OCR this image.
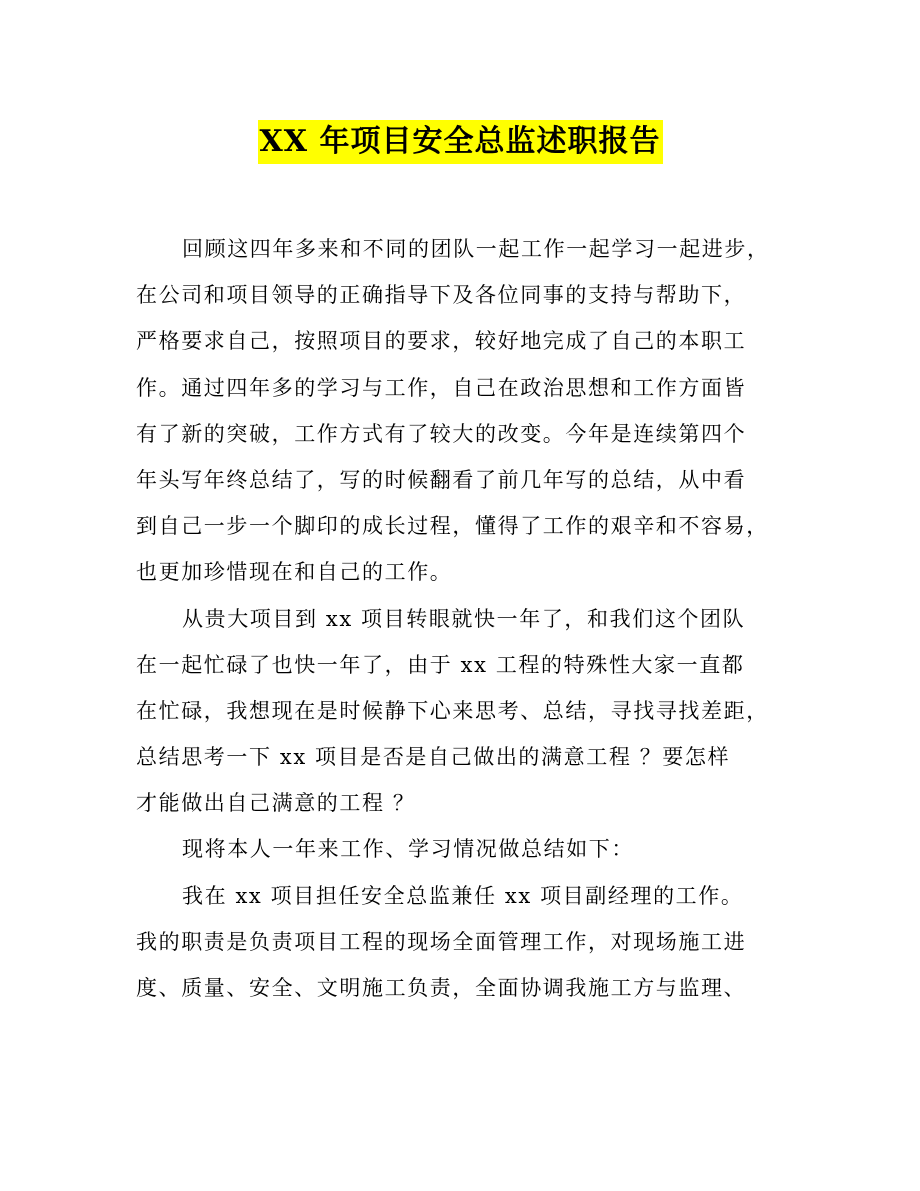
XX 年项目安全总监述职报告
回顾这四年多来和不同的团队一起工作一起学习一起进步，
在公司和项目领导的正确指导下及各位同事的支持与帮助下，
严格要求自己，按照项目的要求，较好地完成了自己的本职工
作。通过四年多的学习与工作，自己在政治思想和工作方面皆
有了新的突破，工作方式有了较大的改变。今年是连续第四个
年头写年终总结了，写的时候翻看了前几年写的总结，从中看
到自己一步一个脚印的成长过程，懂得了工作的艰辛和不容易，
也更加珍惜现在和自己的工作。
从贵大项目到 xx 项目转眼就快一年了，和我们这个团队
在一起忙碌了也快一年了，由于 xx 工程的特殊性大家一直都
在忙碌，我想现在是时候静下心来思考、总结，寻找寻找差距，
总结思考一下 xx 项目是否是自己做出的满意工程 ？要怎样
才能做出自己满意的工程 ？
现将本人一年来工作、学习情况做总结如下：
我在 xx 项目担任安全总监兼任 xx 项目副经理的工作。
我的职责是负责项目工程的现场全面管理工作，对现场施工进
度、质量、安全、文明施工负责，全面协调我施工方与监理、
